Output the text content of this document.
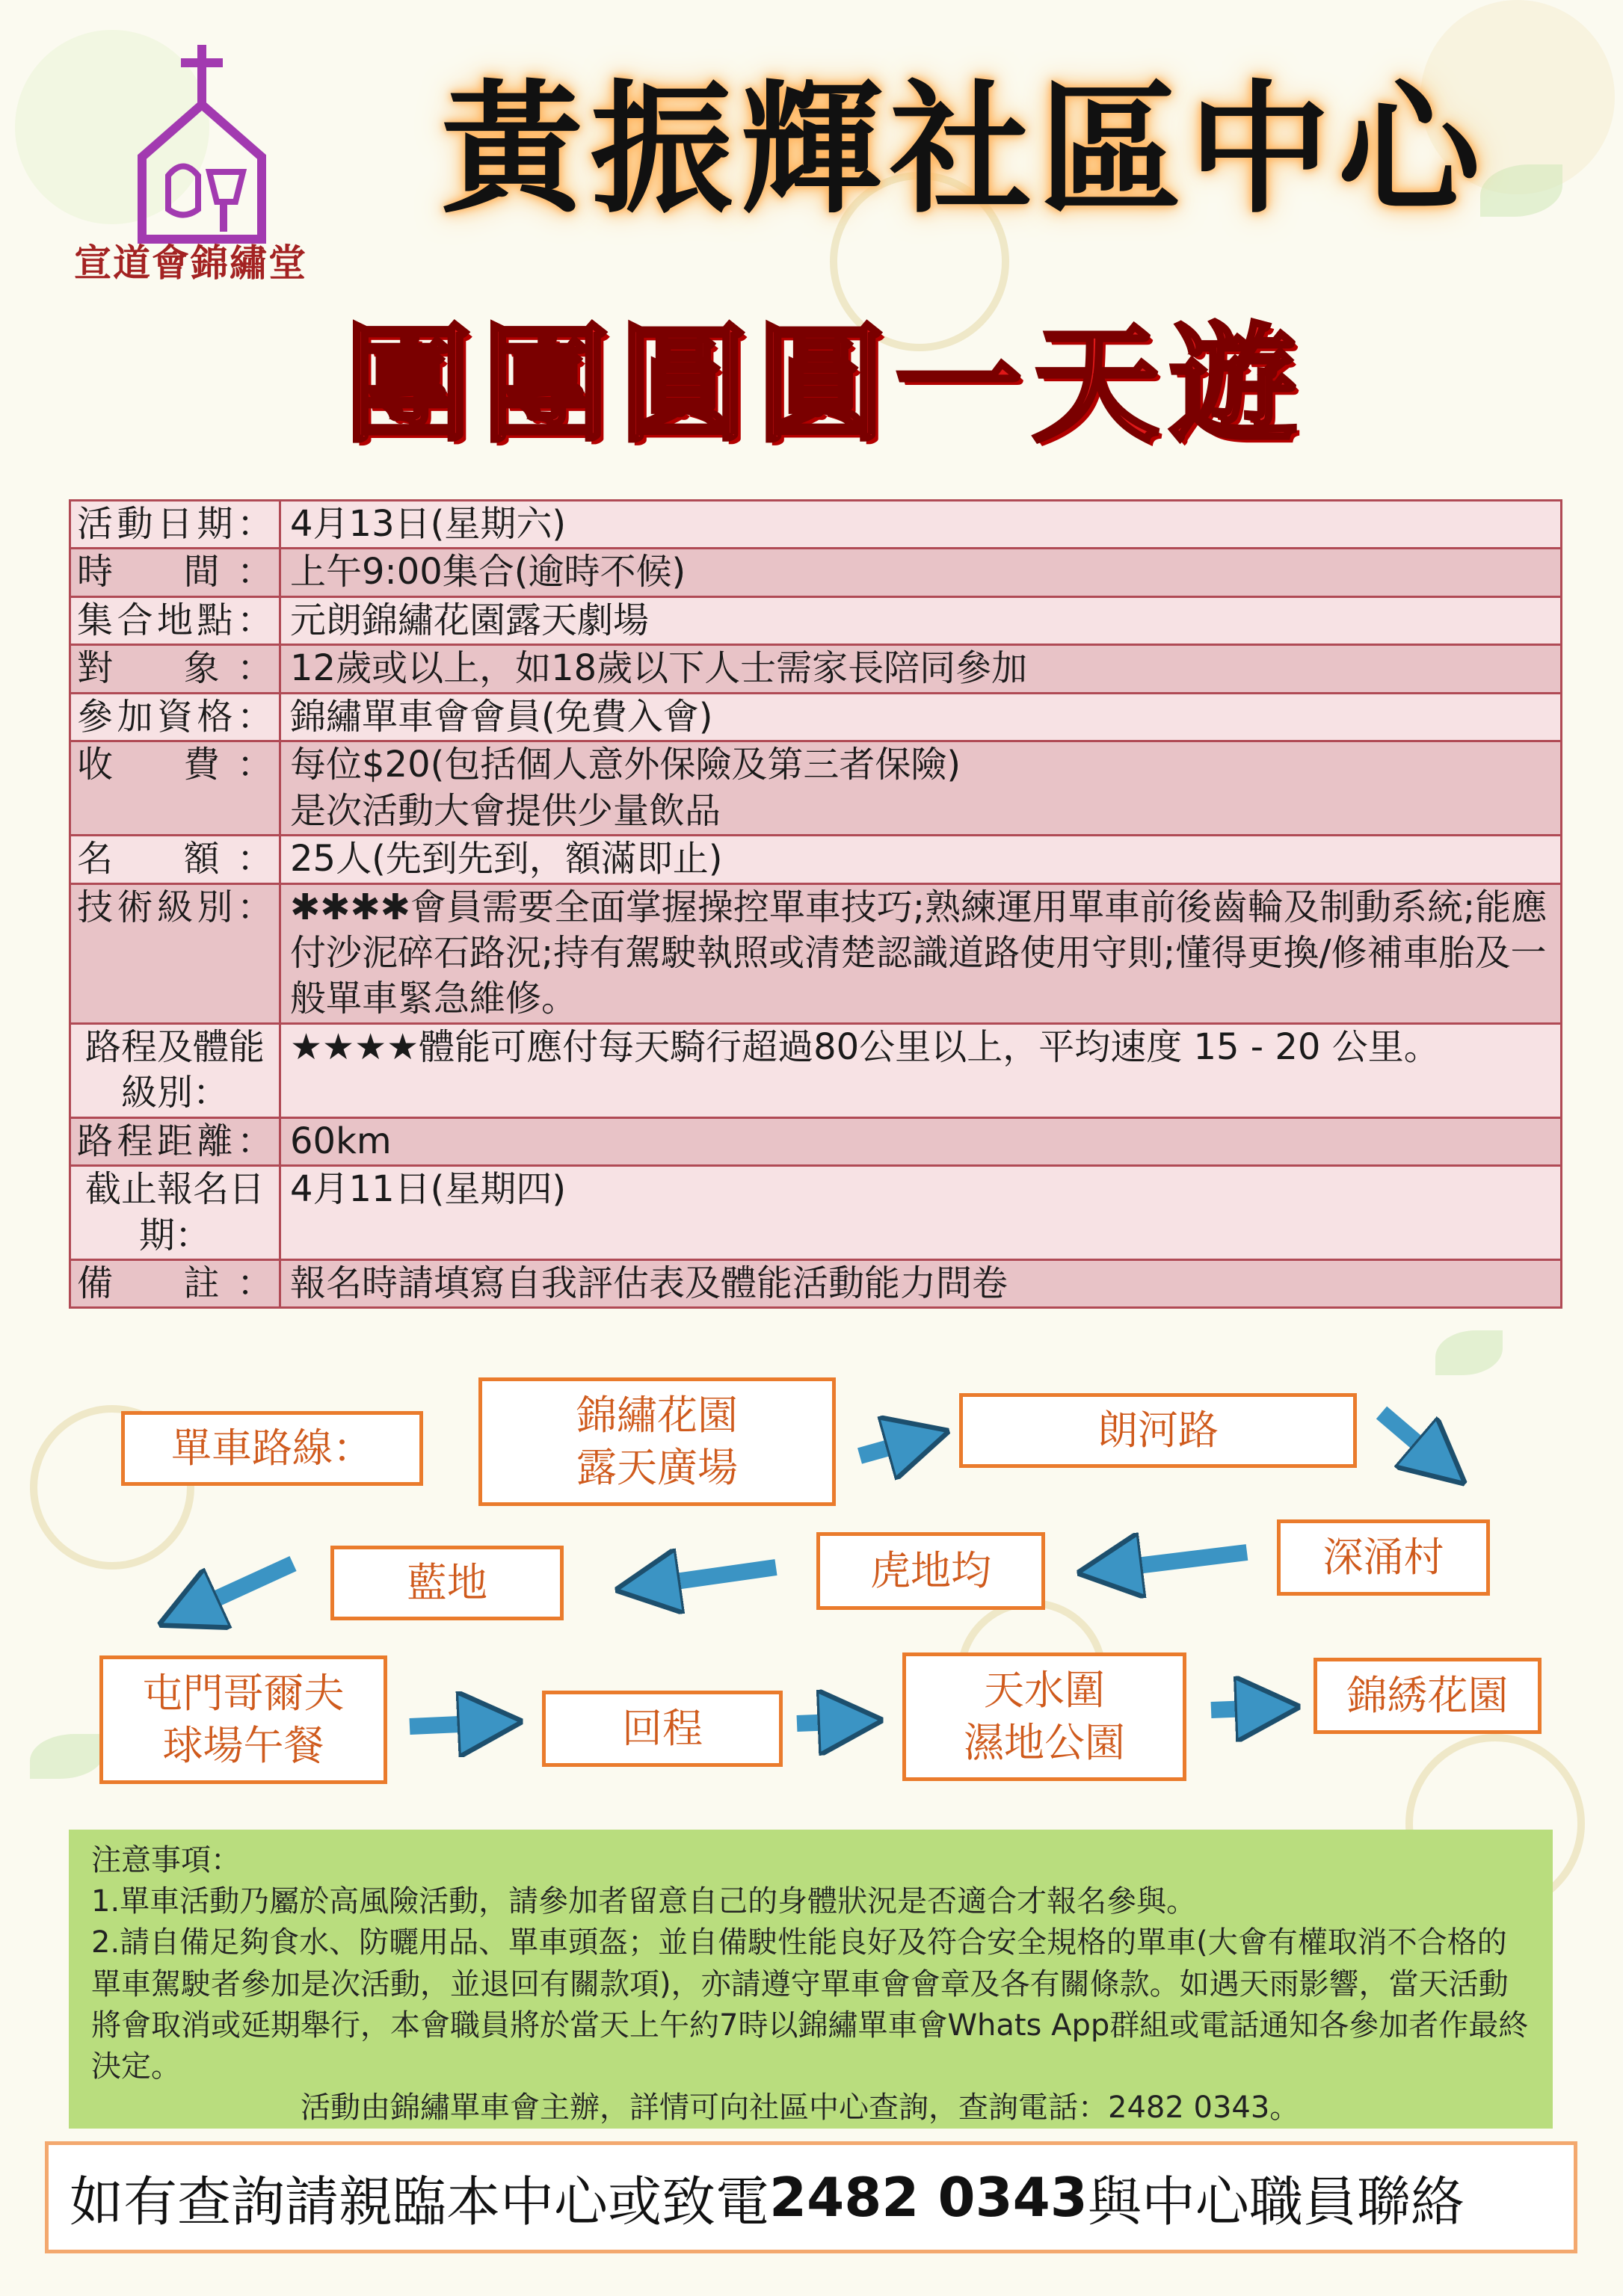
宣道會錦繡堂
黃振輝社區中心
團團圓圓一天遊
活動日期：	4月13日(星期六)
時　間：	上午9:00集合(逾時不候)
集合地點：	元朗錦繡花園露天劇場
對　象：	12歲或以上，如18歲以下人士需家長陪同參加
參加資格：	錦繡單車會會員(免費入會)
收　費：	每位$20(包括個人意外保險及第三者保險)
是次活動大會提供少量飲品
名　額：	25人(先到先到，額滿即止)
技術級別：	✱✱✱✱會員需要全面掌握操控單車技巧;熟練運用單車前後齒輪及制動系統;能應付沙泥碎石路況;持有駕駛執照或清楚認識道路使用守則;懂得更換/修補車胎及一般單車緊急維修。
路程及體能級別：	★★★★體能可應付每天騎行超過80公里以上，平均速度 15 - 20 公里。
路程距離：	60km
截止報名日期：	4月11日(星期四)
備　註：	報名時請填寫自我評估表及體能活動能力問卷
單車路線：
錦繡花園
露天廣場
朗河路
深涌村
虎地均
藍地
屯門哥爾夫
球場午餐	回程
天水圍
濕地公園
錦綉花園

注意事項：

1.單車活動乃屬於高風險活動，請參加者留意自己的身體狀況是否適合才報名參與。

2.請自備足夠食水、防曬用品、單車頭盔；並自備駛性能良好及符合安全規格的單車(大會有權取消不合格的單車駕駛者參加是次活動，並退回有關款項)，亦請遵守單車會會章及各有關條款。如遇天雨影響，當天活動將會取消或延期舉行，本會職員將於當天上午約7時以錦繡單車會Whats App群組或電話通知各參加者作最終決定。

活動由錦繡單車會主辦，詳情可向社區中心查詢，查詢電話：2482 0343。

如有查詢請親臨本中心或致電 2482 0343 與中心職員聯絡
